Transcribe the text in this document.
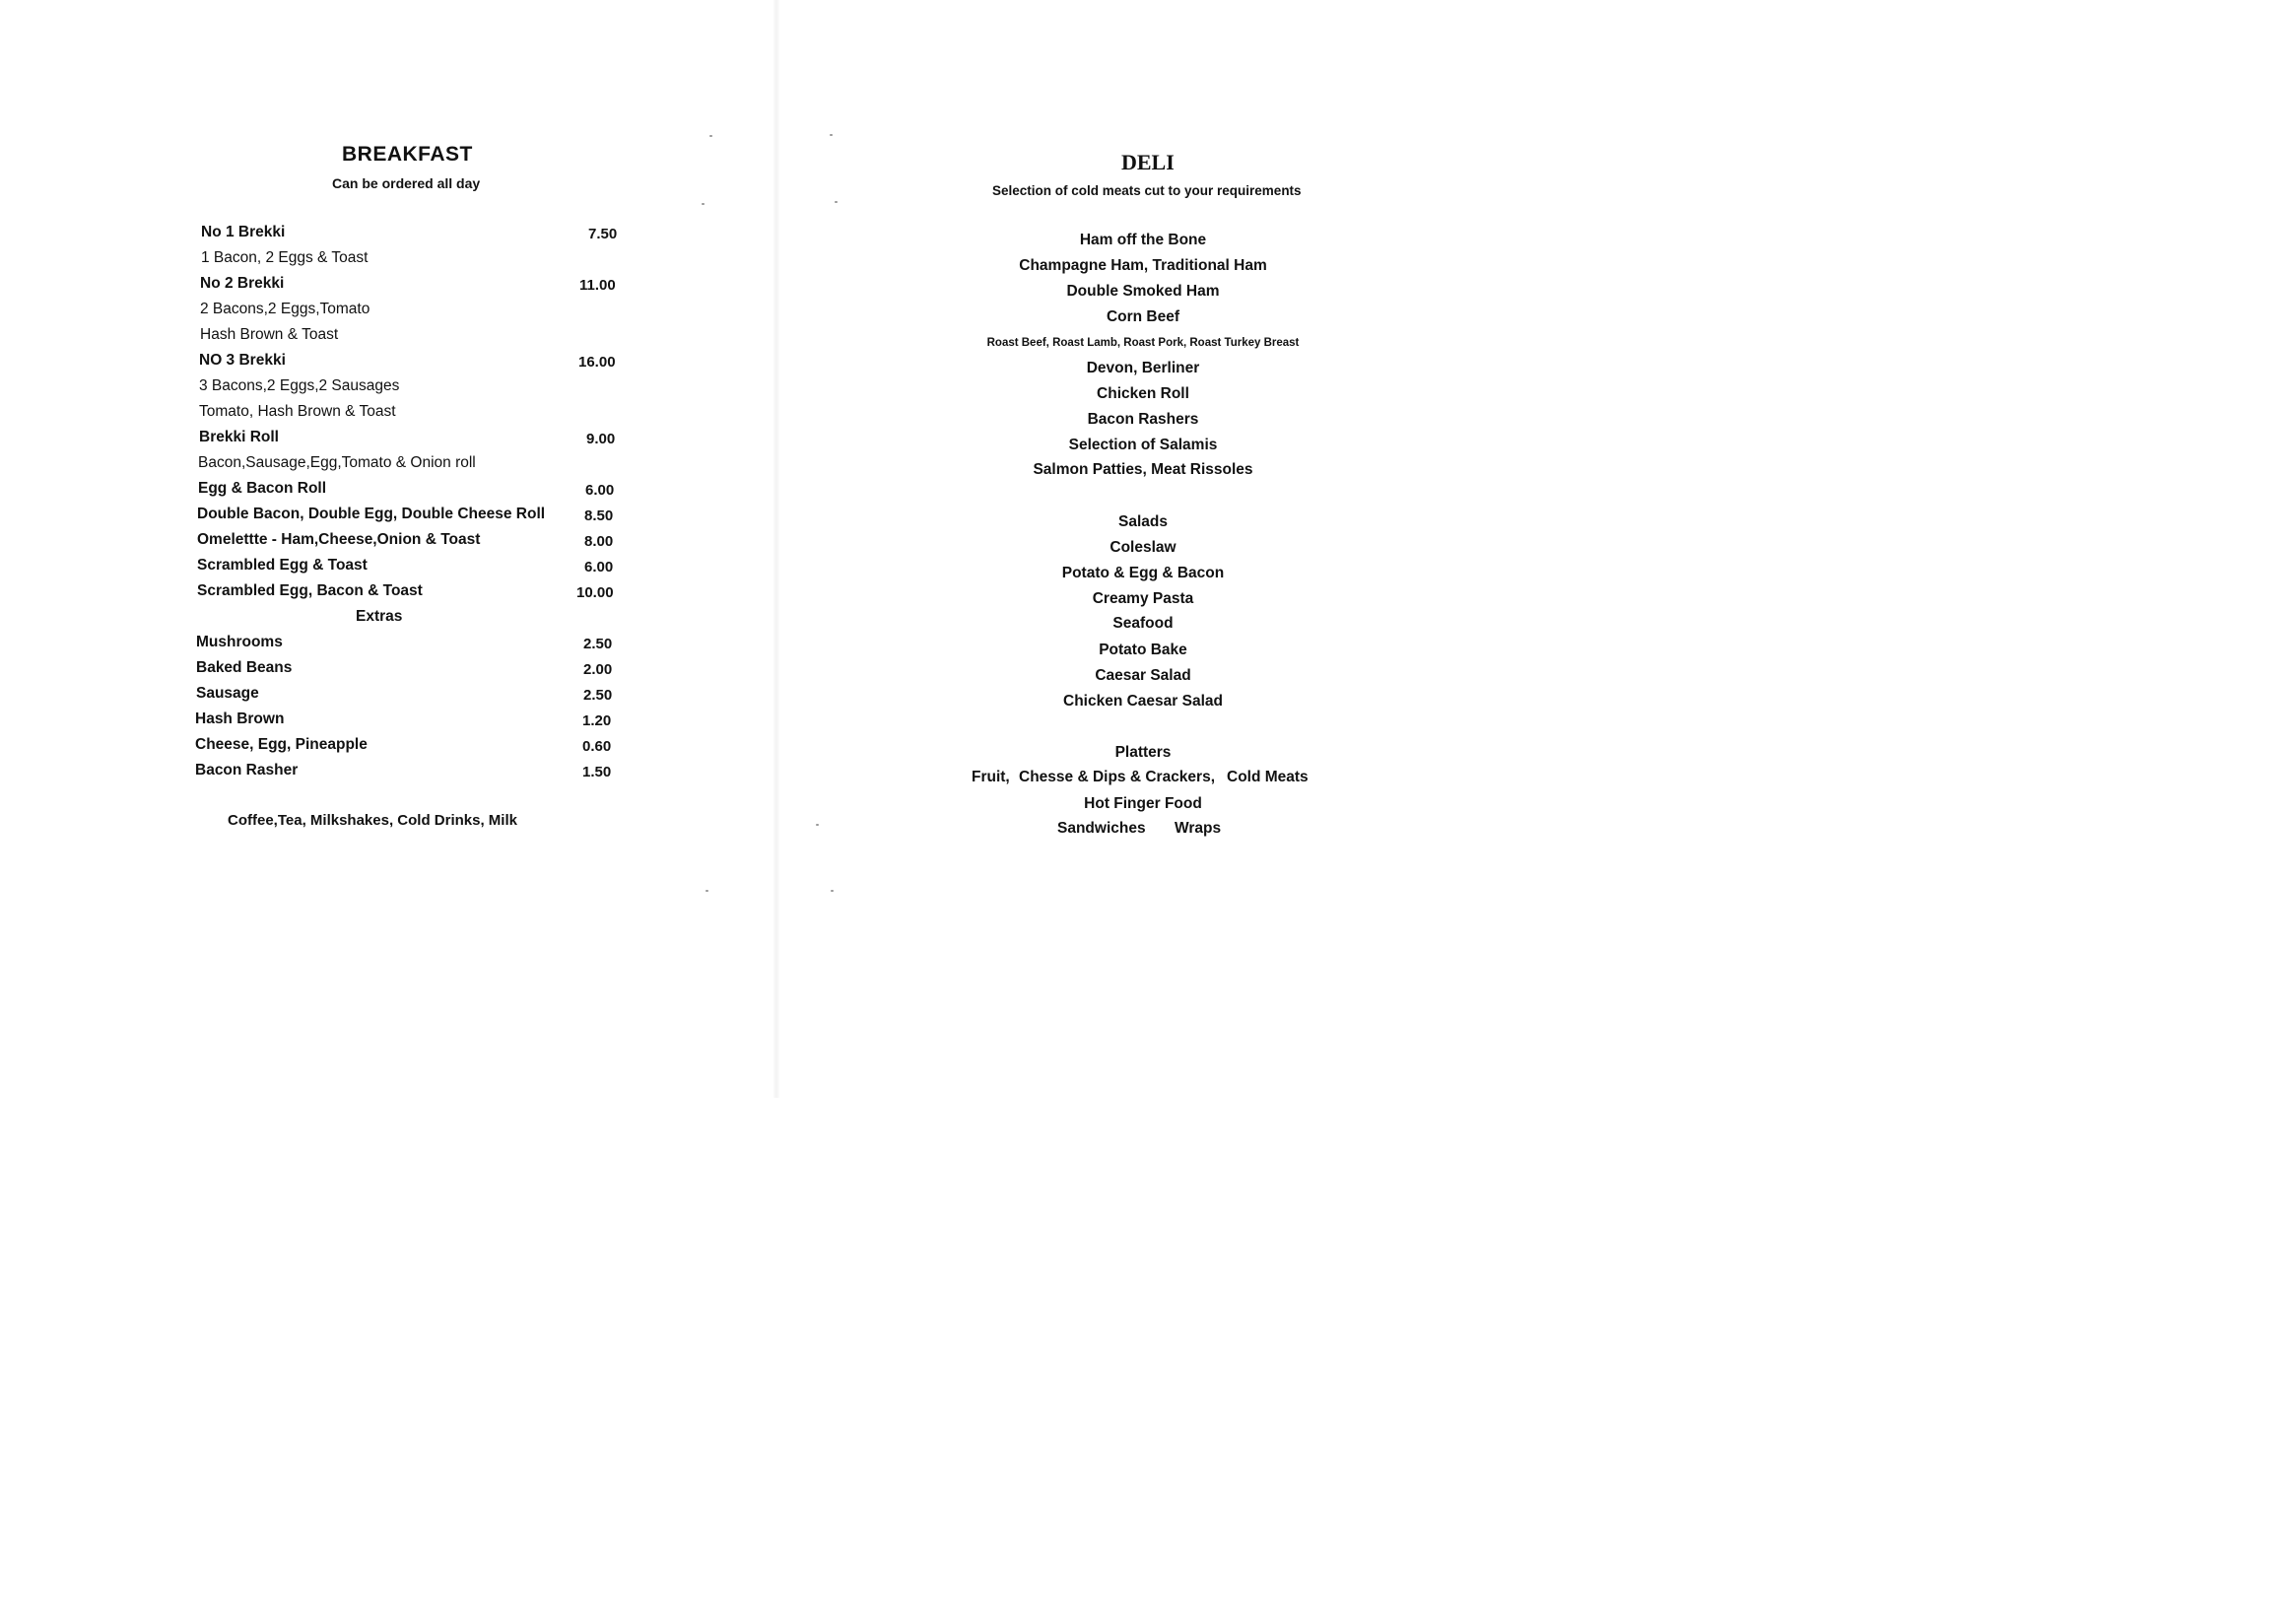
BREAKFAST
Can be ordered all day
No 1 Brekki	7.50
1 Bacon, 2 Eggs & Toast
No 2 Brekki	11.00
2 Bacons,2 Eggs,Tomato
Hash Brown & Toast
NO 3 Brekki	16.00
3 Bacons,2 Eggs,2 Sausages
Tomato, Hash Brown & Toast
Brekki Roll	9.00
Bacon,Sausage,Egg,Tomato & Onion roll
Egg & Bacon Roll	6.00
Double Bacon, Double Egg, Double Cheese Roll	8.50
Omelettte - Ham,Cheese,Onion & Toast	8.00
Scrambled Egg & Toast	6.00
Scrambled Egg, Bacon & Toast	10.00
Extras
Mushrooms	2.50
Baked Beans	2.00
Sausage	2.50
Hash Brown	1.20
Cheese, Egg, Pineapple	0.60
Bacon Rasher	1.50
Coffee,Tea, Milkshakes, Cold Drinks, Milk
DELI
Selection of cold meats cut to your requirements
Ham off the Bone
Champagne Ham, Traditional Ham
Double Smoked Ham
Corn Beef
Roast Beef, Roast Lamb, Roast Pork, Roast Turkey Breast
Devon, Berliner
Chicken Roll
Bacon Rashers
Selection of Salamis
Salmon Patties, Meat Rissoles
Salads
Coleslaw
Potato & Egg & Bacon
Creamy Pasta
Seafood
Potato Bake
Caesar Salad
Chicken Caesar Salad
Platters
Fruit, Chesse & Dips & Crackers, Cold Meats
Hot Finger Food
Sandwiches Wraps
